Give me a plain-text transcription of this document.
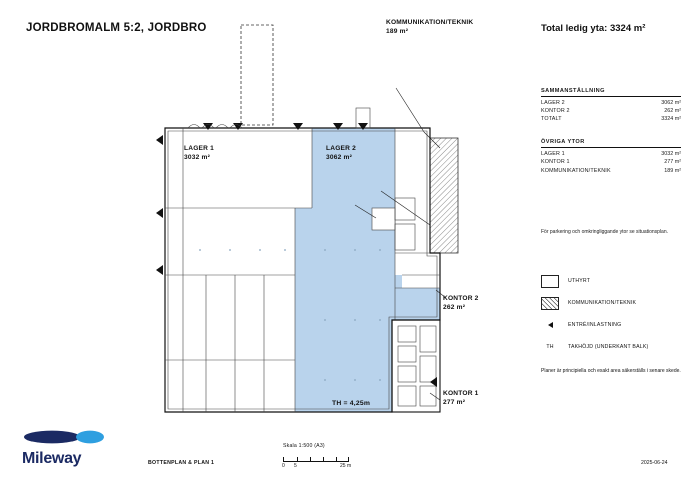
JORDBROMALM 5:2, JORDBRO	Total ledig yta: 3324 m²
LAGER 1
3032 m²
LAGER 2
3062 m²
KOMMUNIKATION/TEKNIK
189 m²
KONTOR 2
262 m²
KONTOR 1
277 m²
TH = 4,25m
SAMMANSTÄLLNING
LAGER 2	3062 m²
KONTOR 2	262 m²
TOTALT	3324 m²
ÖVRIGA YTOR
LAGER 1	3032 m²
KONTOR 1	277 m²
KOMMUNIKATION/TEKNIK	189 m²
För parkering och omkringliggande ytor se situationsplan.
UTHYRT
KOMMUNIKATION/TEKNIK
ENTRÉ/INLASTNING
TH	TAKHÖJD (UNDERKANT BALK)
Planer är principiella och exakt area säkerställs i senare skede.
Mileway	BOTTENPLAN & PLAN 1
Skala 1:500 (A3)
0 5	25 m	2025-06-24
